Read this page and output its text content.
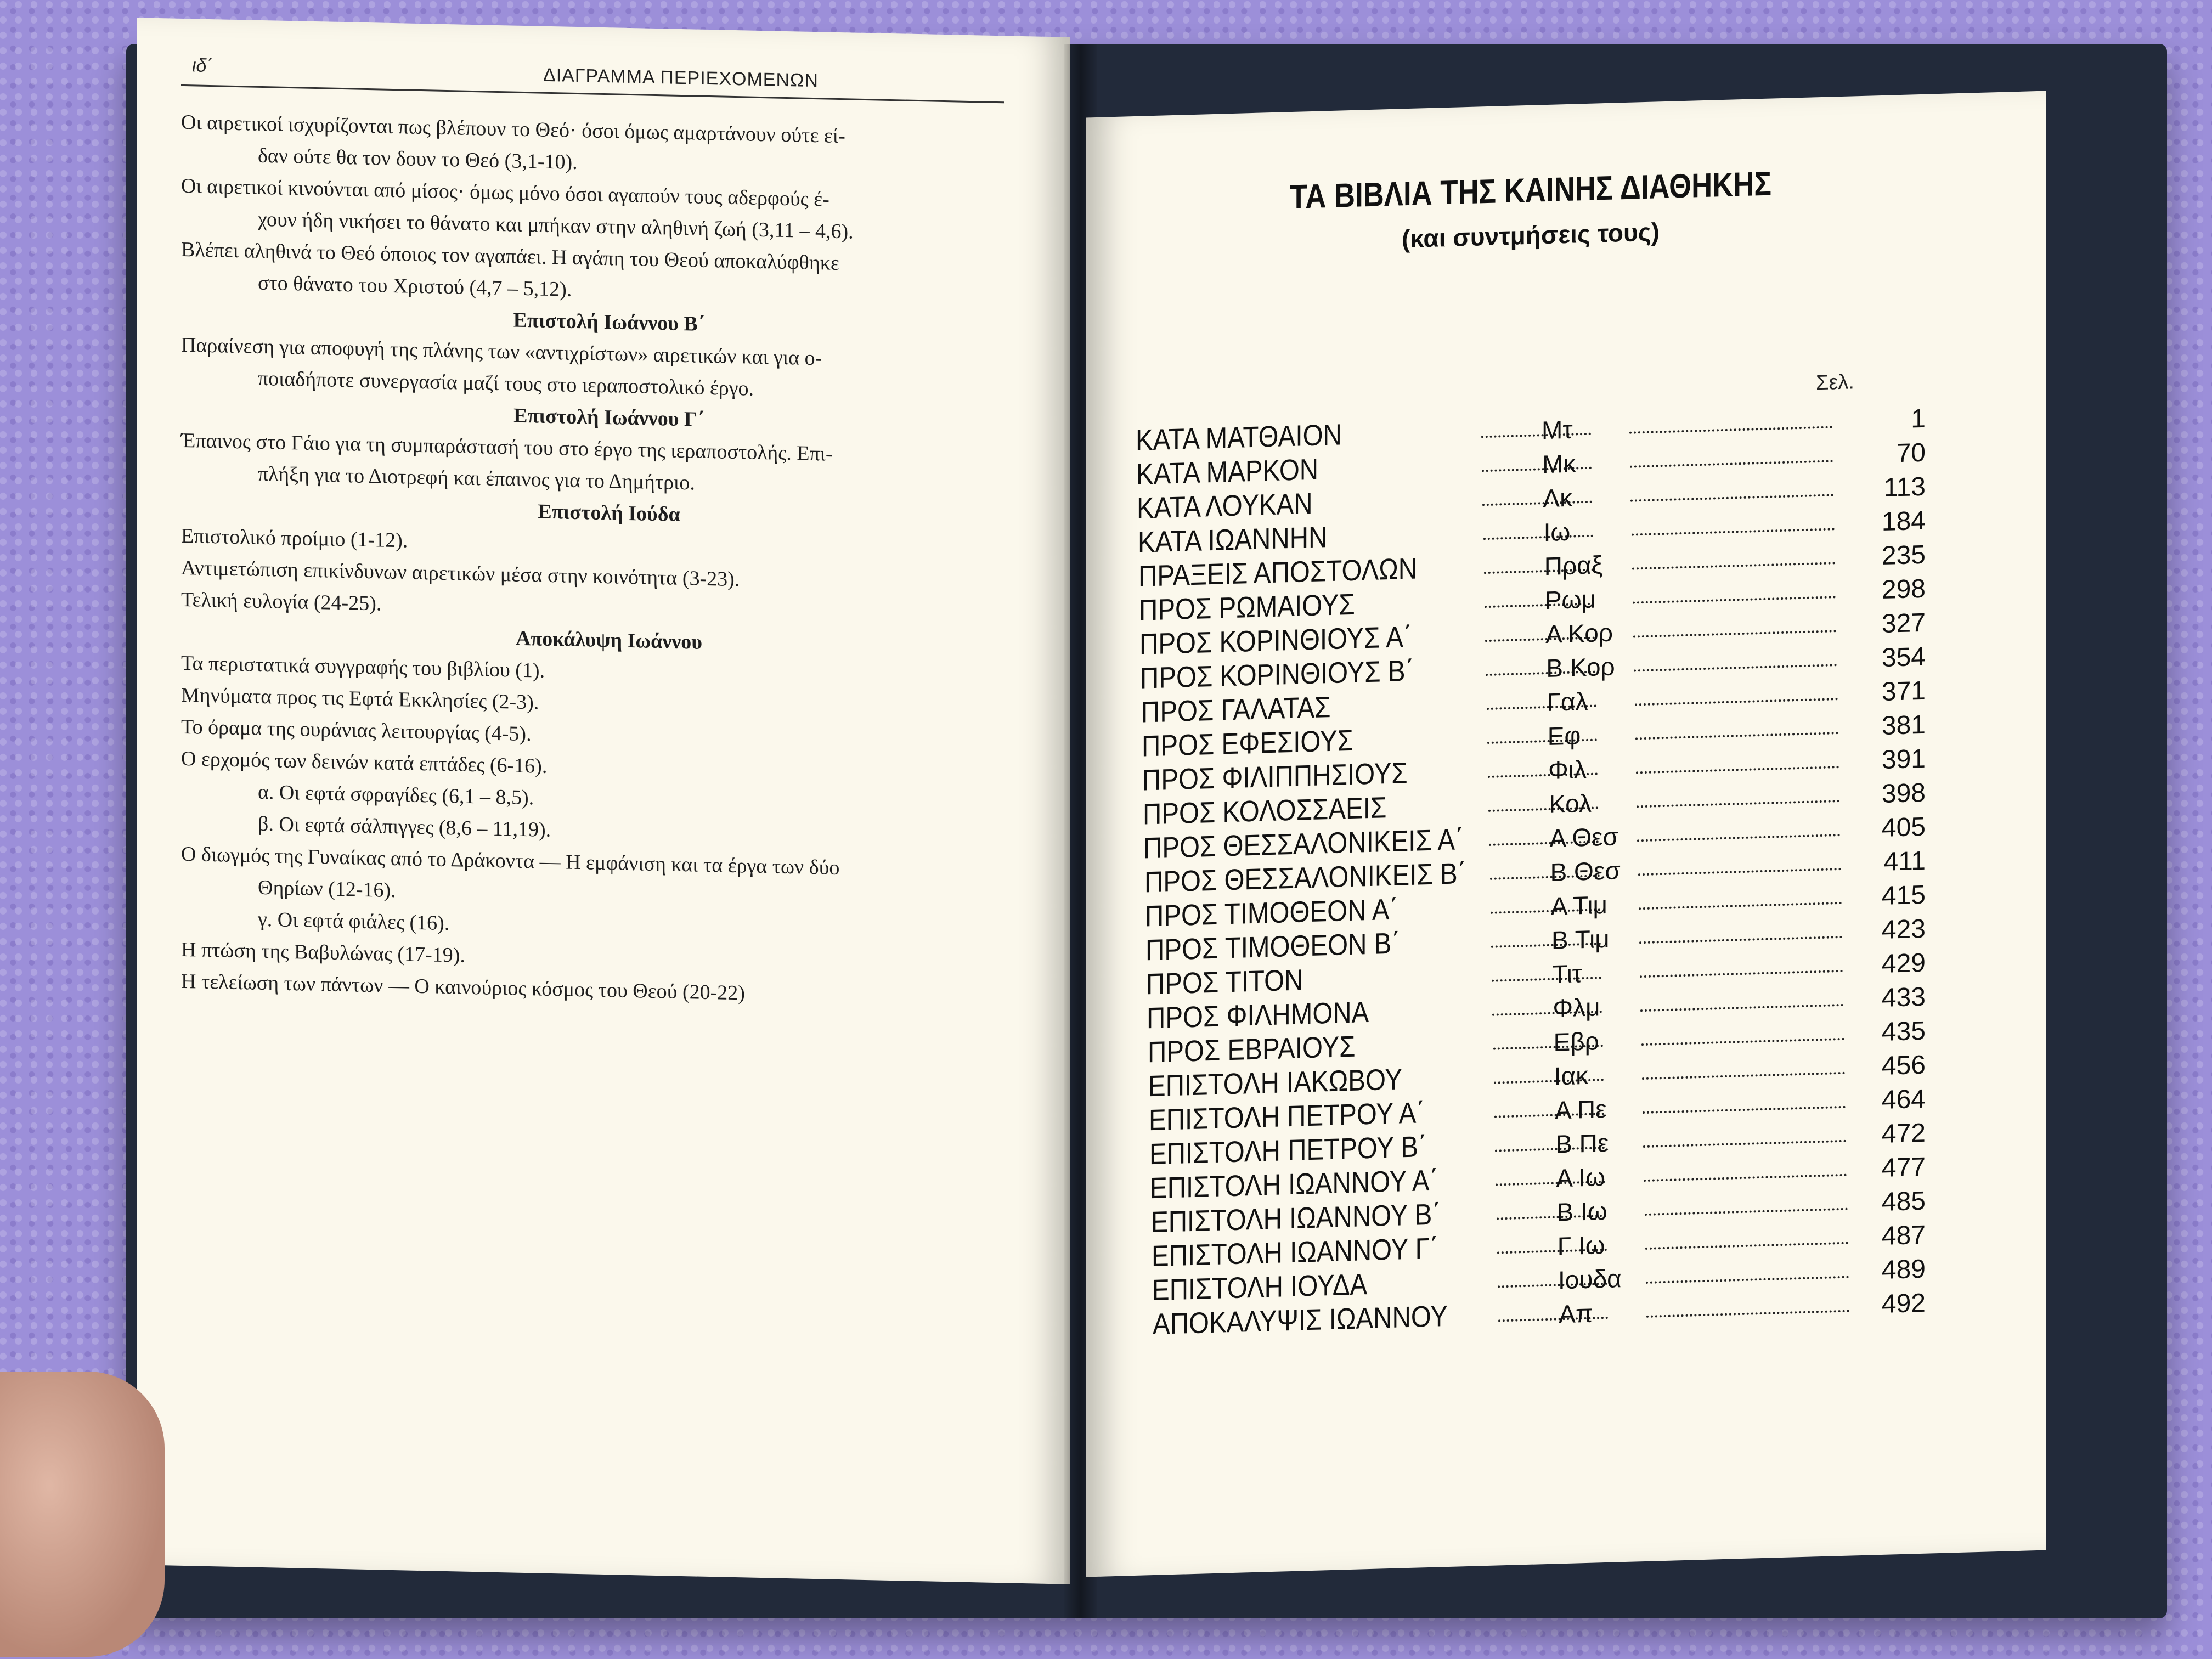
ιδ΄	ΔΙΑΓΡΑΜΜΑ ΠΕΡΙΕΧΟΜΕΝΩΝ
Οι αιρετικοί ισχυρίζονται πως βλέπουν το Θεό· όσοι όμως αμαρτάνουν ούτε εί-
δαν ούτε θα τον δουν το Θεό (3,1-10).
Οι αιρετικοί κινούνται από μίσος· όμως μόνο όσοι αγαπούν τους αδερφούς έ-
χουν ήδη νικήσει το θάνατο και μπήκαν στην αληθινή ζωή (3,11 – 4,6).
Βλέπει αληθινά το Θεό όποιος τον αγαπάει. Η αγάπη του Θεού αποκαλύφθηκε
στο θάνατο του Χριστού (4,7 – 5,12).
Επιστολή Ιωάννου Β΄
Παραίνεση για αποφυγή της πλάνης των «αντιχρίστων» αιρετικών και για ο-
ποιαδήποτε συνεργασία μαζί τους στο ιεραποστολικό έργο.
Επιστολή Ιωάννου Γ΄
Έπαινος στο Γάιο για τη συμπαράστασή του στο έργο της ιεραποστολής. Επι-
πλήξη για το Διοτρεφή και έπαινος για το Δημήτριο.
Επιστολή Ιούδα
Επιστολικό προίμιο (1-12).
Αντιμετώπιση επικίνδυνων αιρετικών μέσα στην κοινότητα (3-23).
Τελική ευλογία (24-25).
Αποκάλυψη Ιωάννου
Τα περιστατικά συγγραφής του βιβλίου (1).
Μηνύματα προς τις Εφτά Εκκλησίες (2-3).
Το όραμα της ουράνιας λειτουργίας (4-5).
Ο ερχομός των δεινών κατά επτάδες (6-16).
α. Οι εφτά σφραγίδες (6,1 – 8,5).
β. Οι εφτά σάλπιγγες (8,6 – 11,19).
Ο διωγμός της Γυναίκας από το Δράκοντα — Η εμφάνιση και τα έργα των δύο
Θηρίων (12-16).
γ. Οι εφτά φιάλες (16).
Η πτώση της Βαβυλώνας (17-19).
Η τελείωση των πάντων — Ο καινούριος κόσμος του Θεού (20-22)
ΤΑ ΒΙΒΛΙΑ ΤΗΣ ΚΑΙΝΗΣ ΔΙΑΘΗΚΗΣ
(και συντμήσεις τους)
Σελ.
ΚΑΤΑ ΜΑΤΘΑΙΟΝ	Μτ	1
ΚΑΤΑ ΜΑΡΚΟΝ	Μκ	70
ΚΑΤΑ ΛΟΥΚΑΝ	Λκ	113
ΚΑΤΑ ΙΩΑΝΝΗΝ	Ιω	184
ΠΡΑΞΕΙΣ ΑΠΟΣΤΟΛΩΝ	Πραξ	235
ΠΡΟΣ ΡΩΜΑΙΟΥΣ	Ρωμ	298
ΠΡΟΣ ΚΟΡΙΝΘΙΟΥΣ Α΄	Α Κορ	327
ΠΡΟΣ ΚΟΡΙΝΘΙΟΥΣ Β΄	Β Κορ	354
ΠΡΟΣ ΓΑΛΑΤΑΣ	Γαλ	371
ΠΡΟΣ ΕΦΕΣΙΟΥΣ	Εφ	381
ΠΡΟΣ ΦΙΛΙΠΠΗΣΙΟΥΣ	Φιλ	391
ΠΡΟΣ ΚΟΛΟΣΣΑΕΙΣ	Κολ	398
ΠΡΟΣ ΘΕΣΣΑΛΟΝΙΚΕΙΣ Α΄	Α Θεσ	405
ΠΡΟΣ ΘΕΣΣΑΛΟΝΙΚΕΙΣ Β΄	Β Θεσ	411
ΠΡΟΣ ΤΙΜΟΘΕΟΝ Α΄	Α Τιμ	415
ΠΡΟΣ ΤΙΜΟΘΕΟΝ Β΄	Β Τιμ	423
ΠΡΟΣ ΤΙΤΟΝ	Τιτ	429
ΠΡΟΣ ΦΙΛΗΜΟΝΑ	Φλμ	433
ΠΡΟΣ ΕΒΡΑΙΟΥΣ	Εβρ	435
ΕΠΙΣΤΟΛΗ ΙΑΚΩΒΟΥ	Ιακ	456
ΕΠΙΣΤΟΛΗ ΠΕΤΡΟΥ Α΄	Α Πε	464
ΕΠΙΣΤΟΛΗ ΠΕΤΡΟΥ Β΄	Β Πε	472
ΕΠΙΣΤΟΛΗ ΙΩΑΝΝΟΥ Α΄	Α Ιω	477
ΕΠΙΣΤΟΛΗ ΙΩΑΝΝΟΥ Β΄	Β Ιω	485
ΕΠΙΣΤΟΛΗ ΙΩΑΝΝΟΥ Γ΄	Γ Ιω	487
ΕΠΙΣΤΟΛΗ ΙΟΥΔΑ	Ιουδα	489
ΑΠΟΚΑΛΥΨΙΣ ΙΩΑΝΝΟΥ	Απ	492
